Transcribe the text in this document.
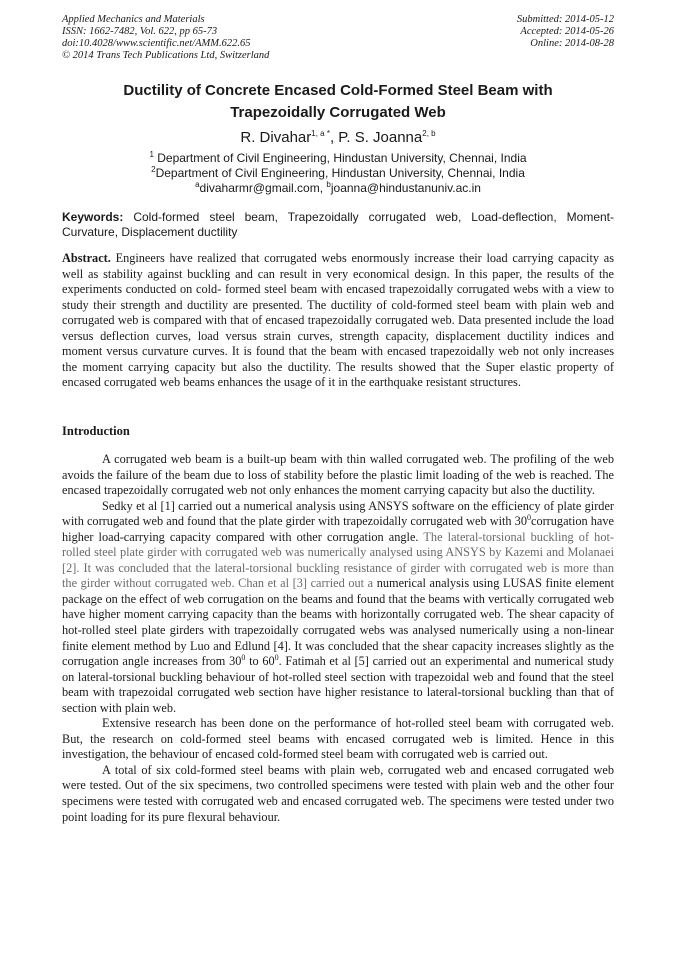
Applied Mechanics and Materials
ISSN: 1662-7482, Vol. 622, pp 65-73
doi:10.4028/www.scientific.net/AMM.622.65
© 2014 Trans Tech Publications Ltd, Switzerland
Submitted: 2014-05-12
Accepted: 2014-05-26
Online: 2014-08-28
Ductility of Concrete Encased Cold-Formed Steel Beam with
Trapezoidally Corrugated Web
R. Divahar$^{1, a *}$, P. S. Joanna$^{2, b}$
$^1$ Department of Civil Engineering, Hindustan University, Chennai, India
$^2$Department of Civil Engineering, Hindustan University, Chennai, India
$^a$divaharmr@gmail.com, $^b$joanna@hindustanuniv.ac.in
Keywords: Cold-formed steel beam, Trapezoidally corrugated web, Load-deflection, Moment-Curvature, Displacement ductility
Abstract. Engineers have realized that corrugated webs enormously increase their load carrying capacity as well as stability against buckling and can result in very economical design. In this paper, the results of the experiments conducted on cold- formed steel beam with encased trapezoidally corrugated webs with a view to study their strength and ductility are presented. The ductility of cold-formed steel beam with plain web and corrugated web is compared with that of encased trapezoidally corrugated web. Data presented include the load versus deflection curves, load versus strain curves, strength capacity, displacement ductility indices and moment versus curvature curves. It is found that the beam with encased trapezoidally web not only increases the moment carrying capacity but also the ductility. The results showed that the Super elastic property of encased corrugated web beams enhances the usage of it in the earthquake resistant structures.
Introduction

A corrugated web beam is a built-up beam with thin walled corrugated web. The profiling of the web avoids the failure of the beam due to loss of stability before the plastic limit loading of the web is reached. The encased trapezoidally corrugated web not only enhances the moment carrying capacity but also the ductility.

Sedky et al [1] carried out a numerical analysis using ANSYS software on the efficiency of plate girder with corrugated web and found that the plate girder with trapezoidally corrugated web with $30^0corrugation$ have higher load-carrying capacity compared with other corrugation angle. The lateral-torsional buckling of hot-rolled steel plate girder with corrugated web was numerically analysed using ANSYS by Kazemi and Molanaei [2]. It was concluded that the lateral-torsional buckling resistance of girder with corrugated web is more than the girder without corrugated web. Chan et al [3] carried out a numerical analysis using LUSAS finite element package on the effect of web corrugation on the beams and found that the beams with vertically corrugated web have higher moment carrying capacity than the beams with horizontally corrugated web. The shear capacity of hot-rolled steel plate girders with trapezoidally corrugated webs was analysed numerically using a non-linear finite element method by Luo and Edlund [4]. It was concluded that the shear capacity increases slightly as the corrugation angle increases from $30^0$ to $60^0$. Fatimah et al [5] carried out an experimental and numerical study on lateral-torsional buckling behaviour of hot-rolled steel section with trapezoidal web and found that the steel beam with trapezoidal corrugated web section have higher resistance to lateral-torsional buckling than that of section with plain web.

Extensive research has been done on the performance of hot-rolled steel beam with corrugated web. But, the research on cold-formed steel beams with encased corrugated web is limited. Hence in this investigation, the behaviour of encased cold-formed steel beam with corrugated web is carried out.

A total of six cold-formed steel beams with plain web, corrugated web and encased corrugated web were tested. Out of the six specimens, two controlled specimens were tested with plain web and the other four specimens were tested with corrugated web and encased corrugated web. The specimens were tested under two point loading for its pure flexural behaviour.
